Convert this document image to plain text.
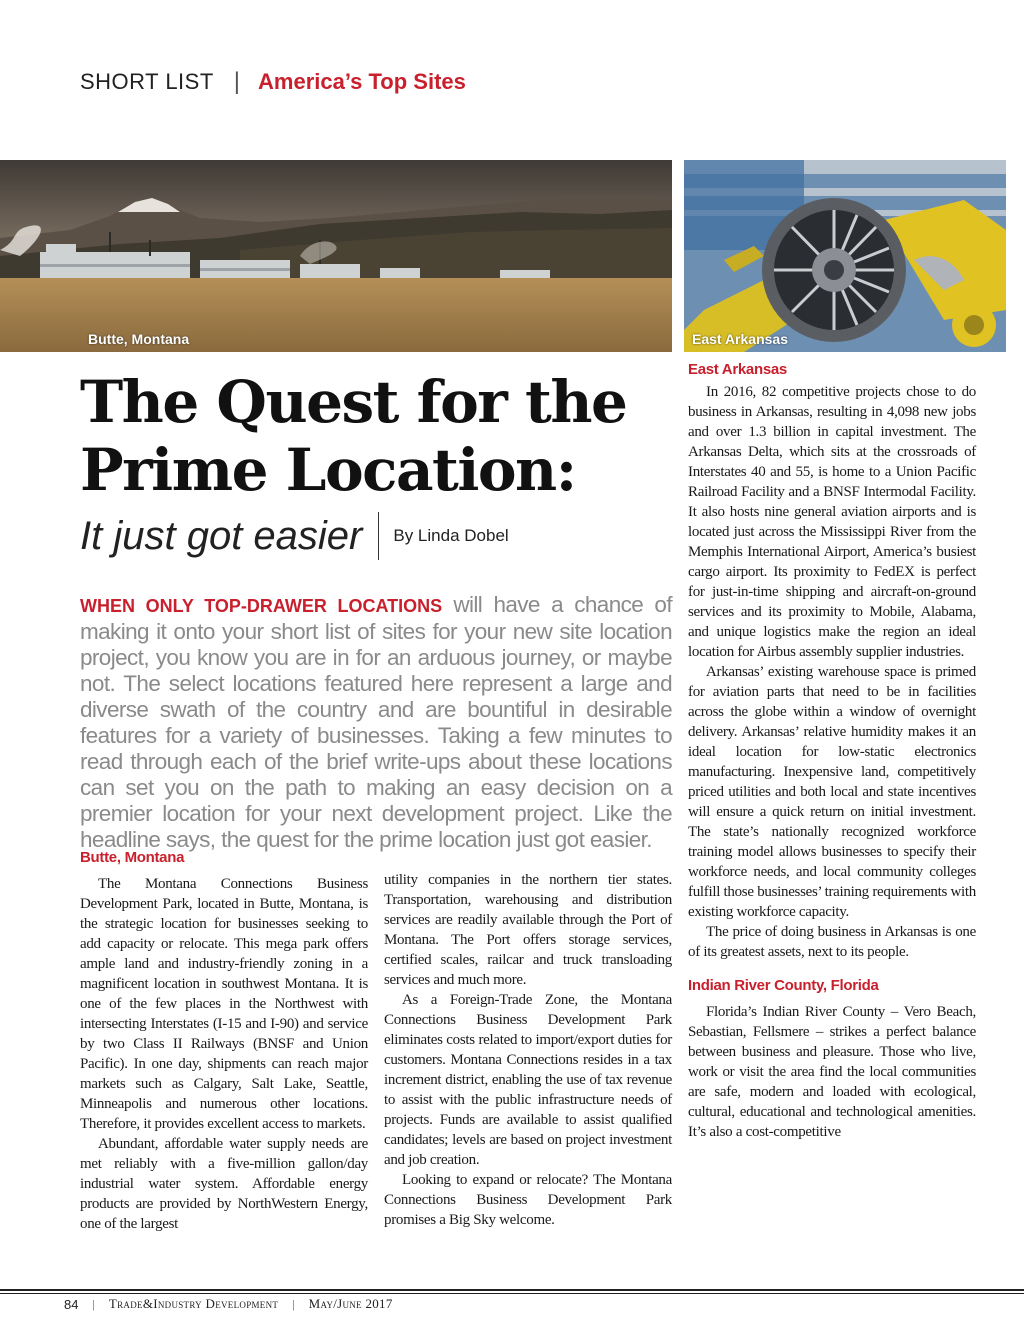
SHORT LIST | America’s Top Sites
Butte, Montana	East Arkansas
The Quest for the
Prime Location:
It just got easier By Linda Dobel
WHEN ONLY TOP-DRAWER LOCATIONS will have a chance of making it onto your short list of sites for your new site location project, you know you are in for an arduous journey, or maybe not. The select locations featured here represent a large and diverse swath of the country and are bountiful in desirable features for a variety of businesses. Taking a few minutes to read through each of the brief write-ups about these locations can set you on the path to making an easy decision on a premier location for your next development project. Like the headline says, the quest for the prime location just got easier.
Butte, Montana

The Montana Connections Business Development Park, located in Butte, Montana, is the strategic location for businesses seeking to add capacity or relocate. This mega park offers ample land and industry-friendly zoning in a magnificent location in southwest Montana. It is one of the few places in the Northwest with intersecting Interstates (I-15 and I-90) and service by two Class II Railways (BNSF and Union Pacific). In one day, shipments can reach major markets such as Calgary, Salt Lake, Seattle, Minneapolis and numerous other locations. Therefore, it provides excellent access to markets.

Abundant, affordable water supply needs are met reliably with a five-million gallon/day industrial water system. Affordable energy products are provided by NorthWestern Energy, one of the largest

utility companies in the northern tier states. Transportation, warehousing and distribution services are readily available through the Port of Montana. The Port offers storage services, certified scales, railcar and truck transloading services and much more.

As a Foreign-Trade Zone, the Montana Connections Business Development Park eliminates costs related to import/export duties for customers. Montana Connections resides in a tax increment district, enabling the use of tax revenue to assist with the public infrastructure needs of projects. Funds are available to assist qualified candidates; levels are based on project investment and job creation.

Looking to expand or relocate? The Montana Connections Business Development Park promises a Big Sky welcome.

East Arkansas

In 2016, 82 competitive projects chose to do business in Arkansas, resulting in 4,098 new jobs and over 1.3 billion in capital investment. The Arkansas Delta, which sits at the crossroads of Interstates 40 and 55, is home to a Union Pacific Railroad Facility and a BNSF Intermodal Facility. It also hosts nine general aviation airports and is located just across the Mississippi River from the Memphis International Airport, America’s busiest cargo airport. Its proximity to FedEX is perfect for just-in-time shipping and aircraft-on-ground services and its proximity to Mobile, Alabama, and unique logistics make the region an ideal location for Airbus assembly supplier industries.

Arkansas’ existing warehouse space is primed for aviation parts that need to be in facilities across the globe within a window of overnight delivery. Arkansas’ relative humidity makes it an ideal location for low-static electronics manufacturing. Inexpensive land, competitively priced utilities and both local and state incentives will ensure a quick return on initial investment. The state’s nationally recognized workforce training model allows businesses to specify their workforce needs, and local community colleges fulfill those businesses’ training requirements with existing workforce capacity.

The price of doing business in Arkansas is one of its greatest assets, next to its people.

Indian River County, Florida

Florida’s Indian River County – Vero Beach, Sebastian, Fellsmere – strikes a perfect balance between business and pleasure. Those who live, work or visit the area find the local communities are safe, modern and loaded with ecological, cultural, educational and technological amenities. It’s also a cost-competitive

84 | Trade&Industry Development | May/June 2017
